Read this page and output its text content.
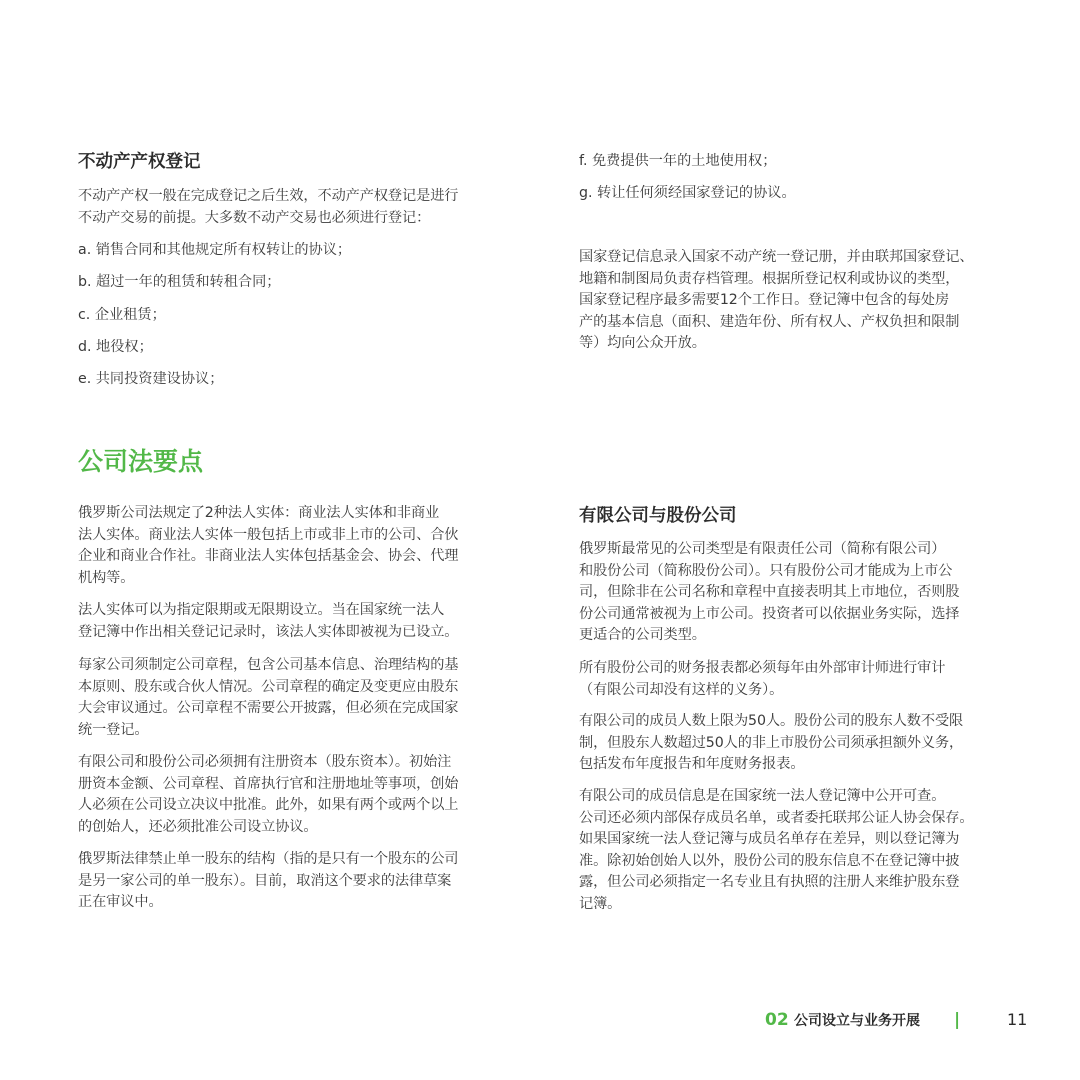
不动产产权登记

不动产产权一般在完成登记之后生效，不动产产权登记是进行

不动产交易的前提。大多数不动产交易也必须进行登记：

a. 销售合同和其他规定所有权转让的协议；

b. 超过一年的租赁和转租合同；

c. 企业租赁；

d. 地役权；

e. 共同投资建设协议；

公司法要点

俄罗斯公司法规定了2种法人实体：商业法人实体和非商业

法人实体。商业法人实体一般包括上市或非上市的公司、合伙

企业和商业合作社。非商业法人实体包括基金会、协会、代理

机构等。

法人实体可以为指定限期或无限期设立。当在国家统一法人

登记簿中作出相关登记记录时，该法人实体即被视为已设立。

每家公司须制定公司章程，包含公司基本信息、治理结构的基

本原则、股东或合伙人情况。公司章程的确定及变更应由股东

大会审议通过。公司章程不需要公开披露，但必须在完成国家

统一登记。

有限公司和股份公司必须拥有注册资本（股东资本）。初始注

册资本金额、公司章程、首席执行官和注册地址等事项，创始

人必须在公司设立决议中批准。此外，如果有两个或两个以上

的创始人，还必须批准公司设立协议。

俄罗斯法律禁止单一股东的结构（指的是只有一个股东的公司

是另一家公司的单一股东）。目前，取消这个要求的法律草案

正在审议中。

f. 免费提供一年的土地使用权；

g. 转让任何须经国家登记的协议。

国家登记信息录入国家不动产统一登记册，并由联邦国家登记、

地籍和制图局负责存档管理。根据所登记权利或协议的类型，

国家登记程序最多需要12个工作日。登记簿中包含的每处房

产的基本信息（面积、建造年份、所有权人、产权负担和限制

等）均向公众开放。

有限公司与股份公司

俄罗斯最常见的公司类型是有限责任公司（简称有限公司）

和股份公司（简称股份公司）。只有股份公司才能成为上市公

司，但除非在公司名称和章程中直接表明其上市地位，否则股

份公司通常被视为上市公司。投资者可以依据业务实际，选择

更适合的公司类型。

所有股份公司的财务报表都必须每年由外部审计师进行审计

（有限公司却没有这样的义务）。

有限公司的成员人数上限为50人。股份公司的股东人数不受限

制，但股东人数超过50人的非上市股份公司须承担额外义务，

包括发布年度报告和年度财务报表。

有限公司的成员信息是在国家统一法人登记簿中公开可查。

公司还必须内部保存成员名单，或者委托联邦公证人协会保存。

如果国家统一法人登记簿与成员名单存在差异，则以登记簿为

准。除初始创始人以外，股份公司的股东信息不在登记簿中披

露，但公司必须指定一名专业且有执照的注册人来维护股东登

记簿。

02 公司设立与业务开展 |	11
